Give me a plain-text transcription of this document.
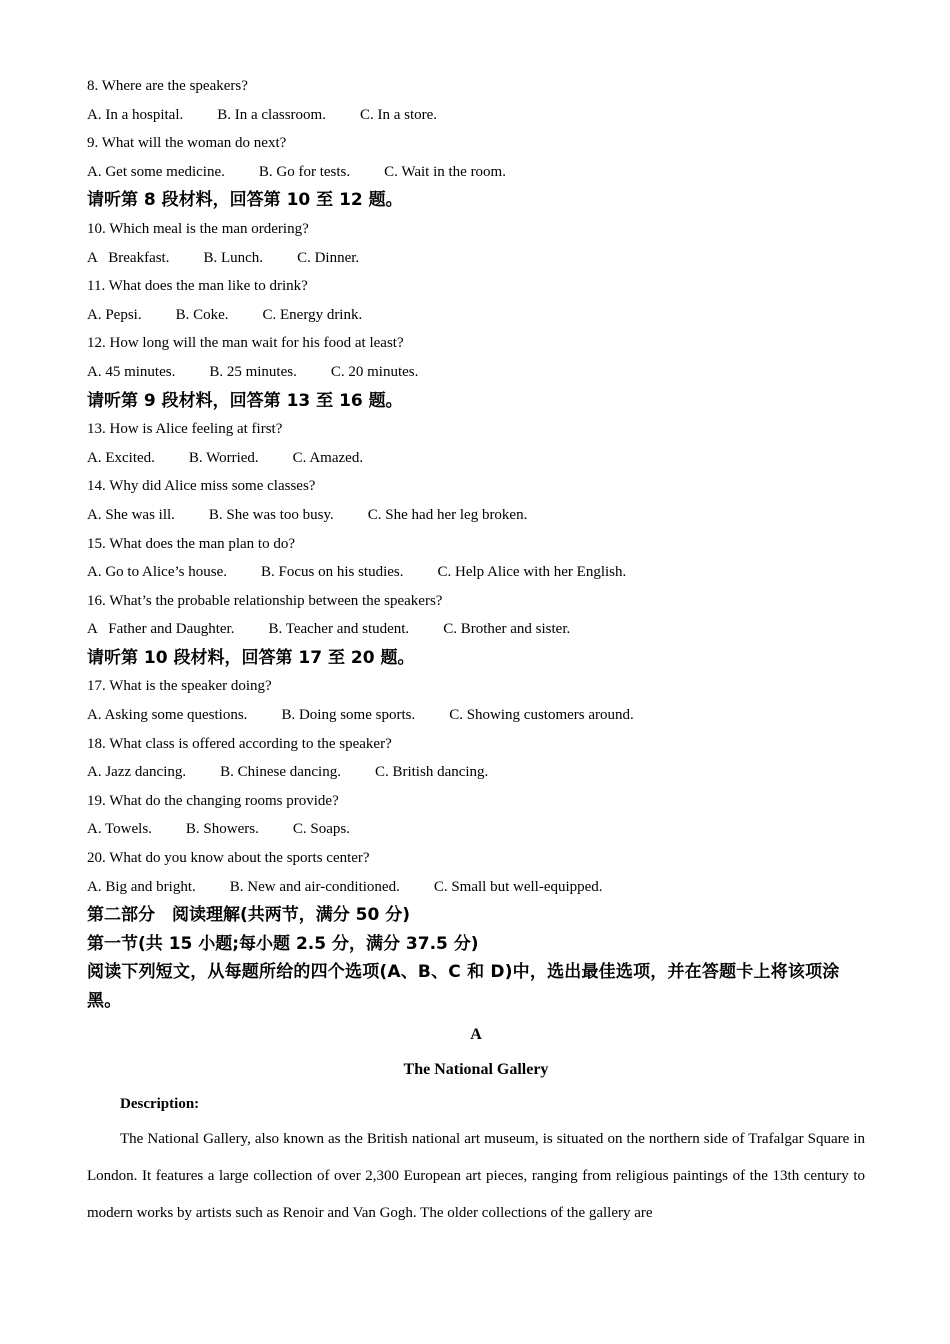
8. Where are the speakers?
A. In a hospital. B. In a classroom. C. In a store.
9. What will the woman do next?
A. Get some medicine. B. Go for tests. C. Wait in the room.
请听第 8 段材料，回答第 10 至 12 题。
10. Which meal is the man ordering?
A   Breakfast. B. Lunch. C. Dinner.
11. What does the man like to drink?
A. Pepsi. B. Coke. C. Energy drink.
12. How long will the man wait for his food at least?
A. 45 minutes. B. 25 minutes. C. 20 minutes.
请听第 9 段材料，回答第 13 至 16 题。
13. How is Alice feeling at first?
A. Excited. B. Worried. C. Amazed.
14. Why did Alice miss some classes?
A. She was ill. B. She was too busy. C. She had her leg broken.
15. What does the man plan to do?
A. Go to Alice’s house. B. Focus on his studies. C. Help Alice with her English.
16. What’s the probable relationship between the speakers?
A   Father and Daughter. B. Teacher and student. C. Brother and sister.
请听第 10 段材料，回答第 17 至 20 题。
17. What is the speaker doing?
A. Asking some questions. B. Doing some sports. C. Showing customers around.
18. What class is offered according to the speaker?
A. Jazz dancing. B. Chinese dancing. C. British dancing.
19. What do the changing rooms provide?
A. Towels. B. Showers. C. Soaps.
20. What do you know about the sports center?
A. Big and bright. B. New and air-conditioned. C. Small but well-equipped.
第二部分　阅读理解(共两节，满分 50 分)
第一节(共 15 小题;每小题 2.5 分，满分 37.5 分)
阅读下列短文，从每题所给的四个选项(A、B、C 和 D)中，选出最佳选项，并在答题卡上将该项涂黑。
A
The National Gallery
Description:
The National Gallery, also known as the British national art museum, is situated on the northern side of Trafalgar Square in London. It features a large collection of over 2,300 European art pieces, ranging from religious paintings of the 13th century to modern works by artists such as Renoir and Van Gogh. The older collections of the gallery are
